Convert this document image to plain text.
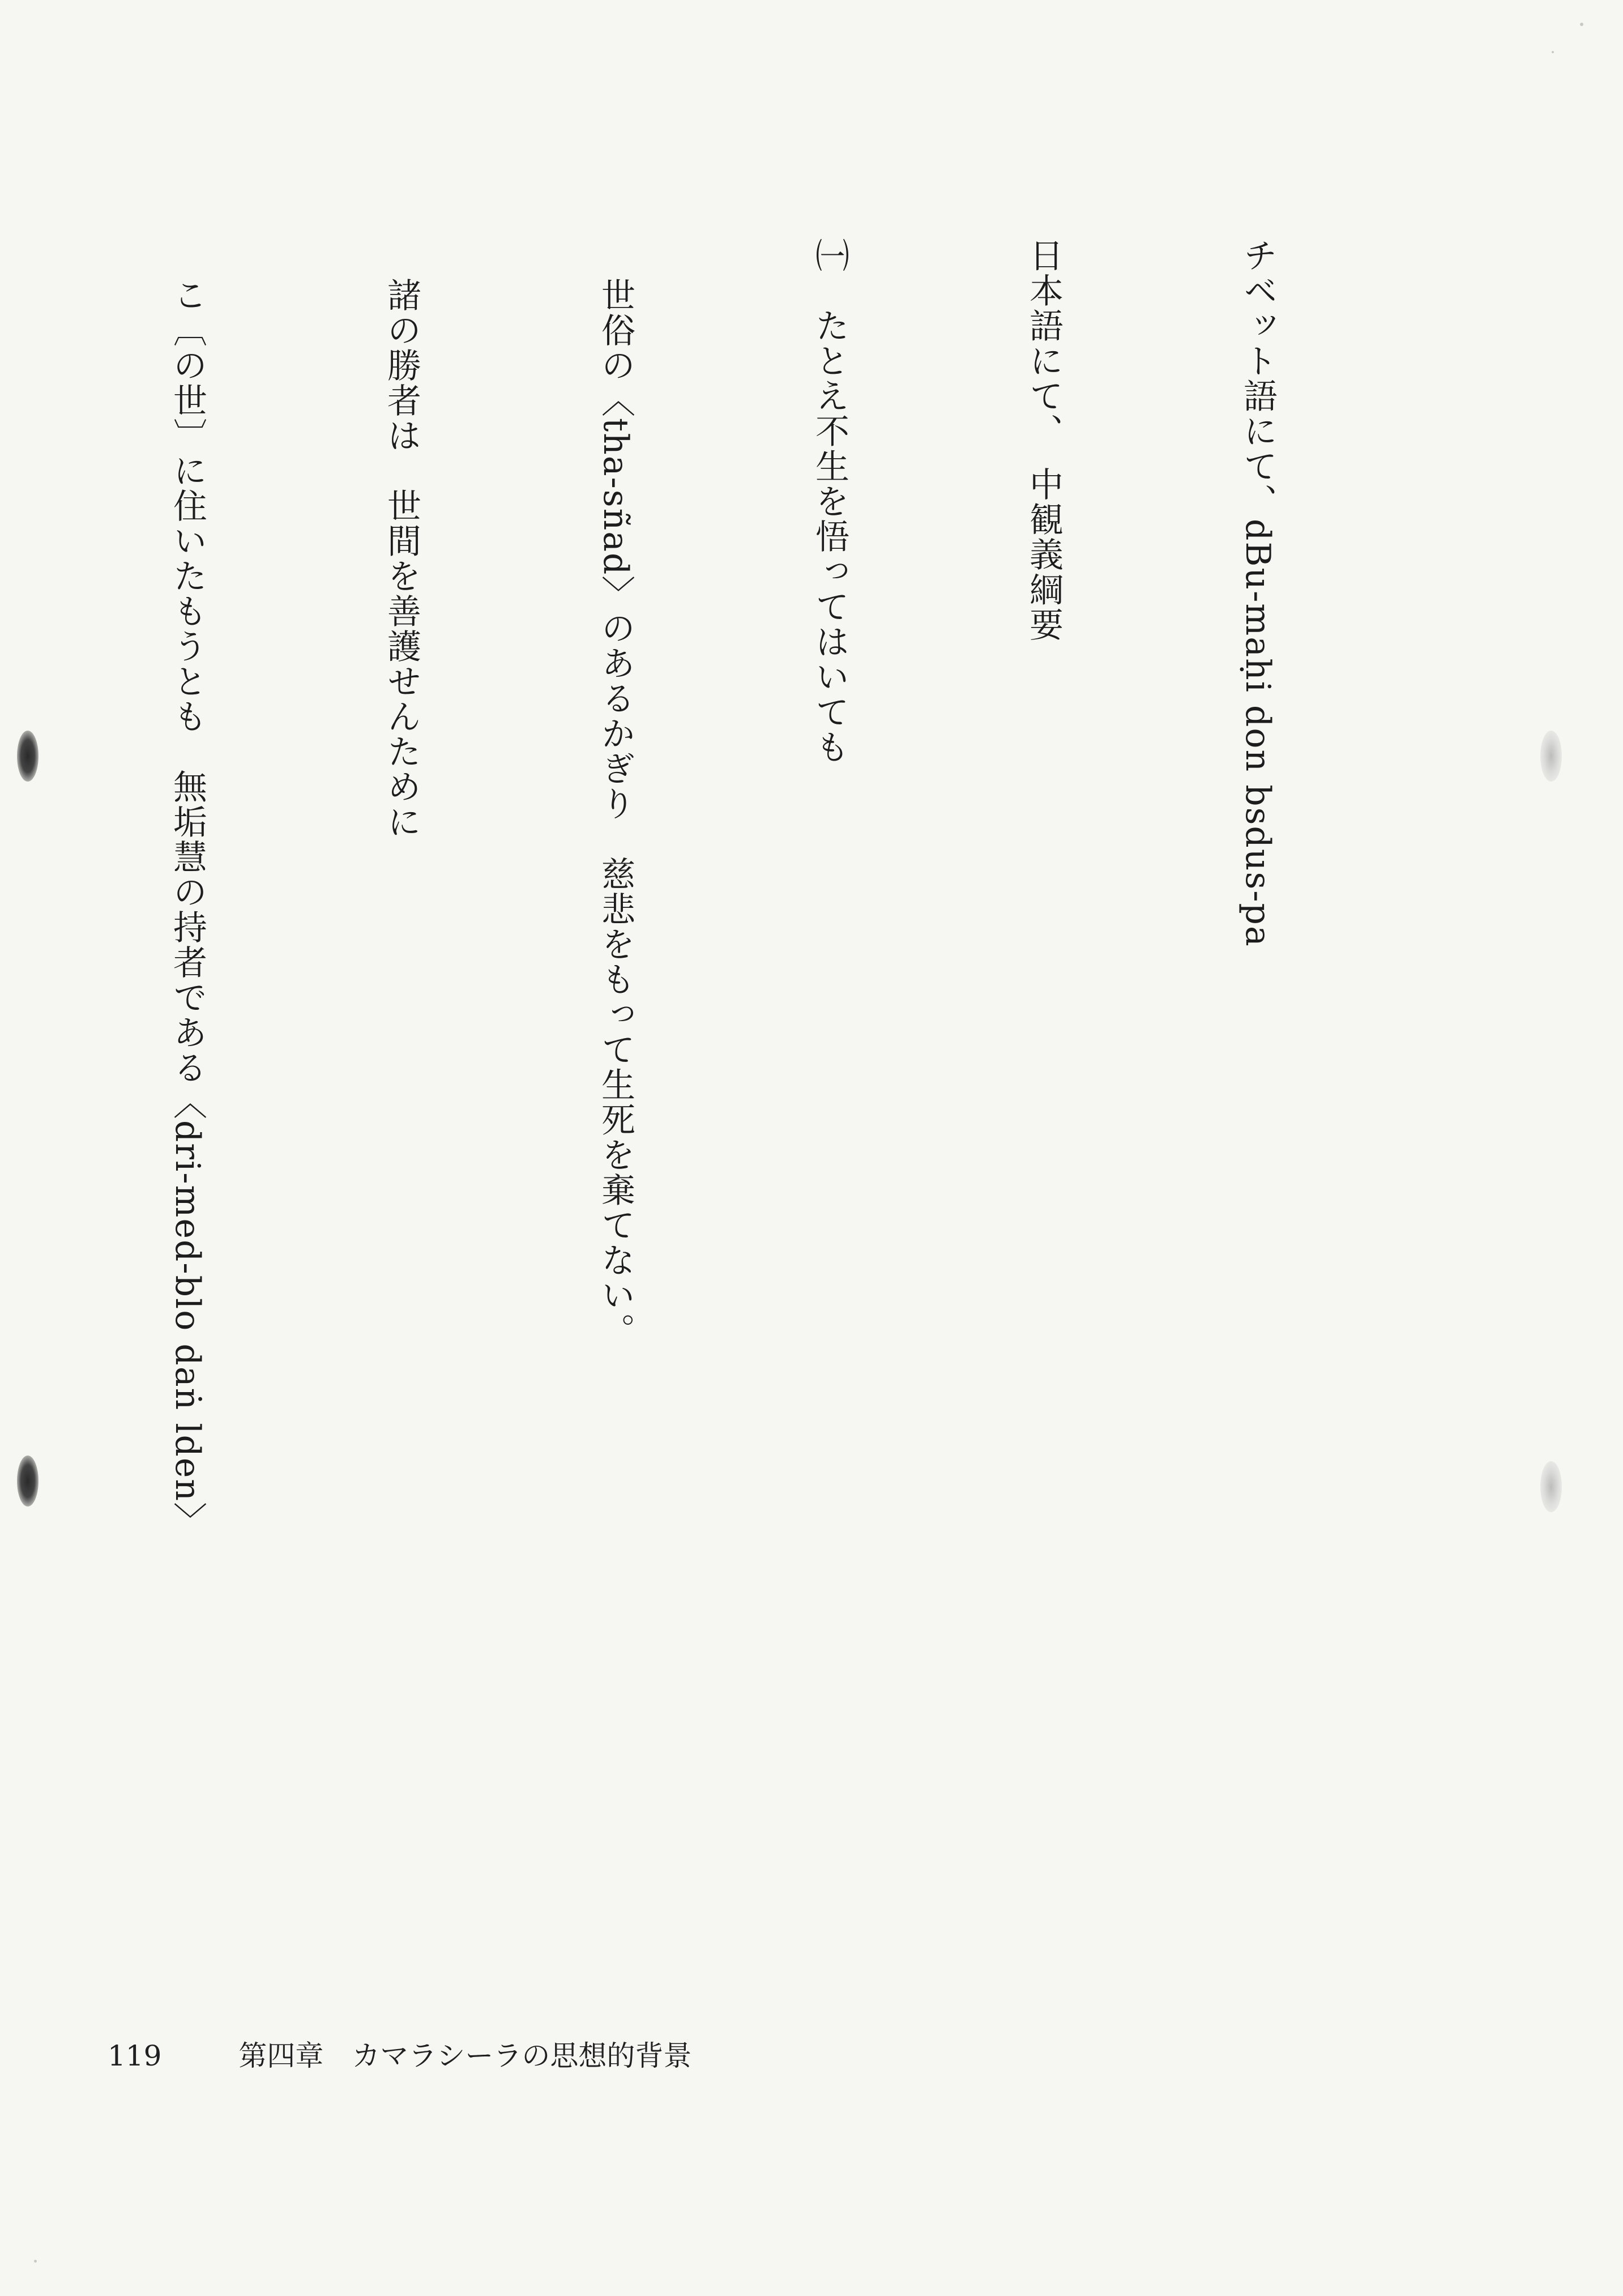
チベット語にて、dBu-maḥi don bsdus-pa

日本語にて、　中観義綱要

㈠　たとえ不生を悟ってはいても

世俗の〈tha-sñad〉のあるかぎり　慈悲をもって生死を棄てない。

諸の勝者は　世間を善護せんために

こ〔の世〕に住いたもうとも　無垢慧の持者である〈dri-med-blo daṅ lden〉

119	第四章　カマラシーラの思想的背景
